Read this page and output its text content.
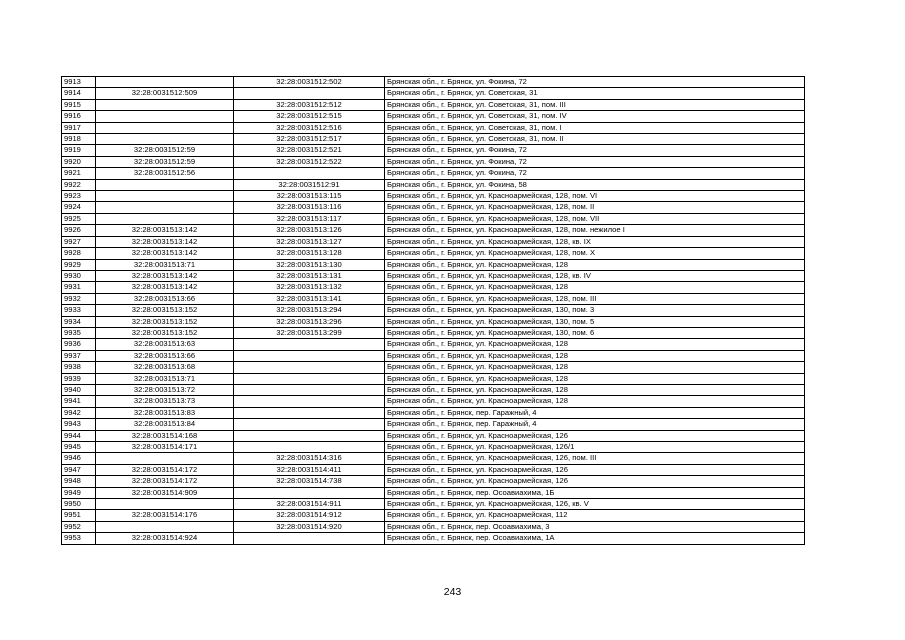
9913		32:28:0031512:502	Брянская обл., г. Брянск, ул. Фокина, 72
9914	32:28:0031512:509		Брянская обл., г. Брянск, ул. Советская, 31
9915		32:28:0031512:512	Брянская обл., г. Брянск, ул. Советская, 31, пом. III
9916		32:28:0031512:515	Брянская обл., г. Брянск, ул. Советская, 31, пом. IV
9917		32:28:0031512:516	Брянская обл., г. Брянск, ул. Советская, 31, пом. I
9918		32:28:0031512:517	Брянская обл., г. Брянск, ул. Советская, 31, пом. II
9919	32:28:0031512:59	32:28:0031512:521	Брянская обл., г. Брянск, ул. Фокина, 72
9920	32:28:0031512:59	32:28:0031512:522	Брянская обл., г. Брянск, ул. Фокина, 72
9921	32:28:0031512:56		Брянская обл., г. Брянск, ул. Фокина, 72
9922		32:28:0031512:91	Брянская обл., г. Брянск, ул. Фокина, 58
9923		32:28:0031513:115	Брянская обл., г. Брянск, ул. Красноармейская, 128, пом. VI
9924		32:28:0031513:116	Брянская обл., г. Брянск, ул. Красноармейская, 128, пом. II
9925		32:28:0031513:117	Брянская обл., г. Брянск, ул. Красноармейская, 128, пом. VII
9926	32:28:0031513:142	32:28:0031513:126	Брянская обл., г. Брянск, ул. Красноармейская, 128, пом. нежилое I
9927	32:28:0031513:142	32:28:0031513:127	Брянская обл., г. Брянск, ул. Красноармейская, 128, кв. IX
9928	32:28:0031513:142	32:28:0031513:128	Брянская обл., г. Брянск, ул. Красноармейская, 128, пом. X
9929	32:28:0031513:71	32:28:0031513:130	Брянская обл., г. Брянск, ул. Красноармейская, 128
9930	32:28:0031513:142	32:28:0031513:131	Брянская обл., г. Брянск, ул. Красноармейская, 128, кв. IV
9931	32:28:0031513:142	32:28:0031513:132	Брянская обл., г. Брянск, ул. Красноармейская, 128
9932	32:28:0031513:66	32:28:0031513:141	Брянская обл., г. Брянск, ул. Красноармейская, 128, пом. III
9933	32:28:0031513:152	32:28:0031513:294	Брянская обл., г. Брянск, ул. Красноармейская, 130, пом. 3
9934	32:28:0031513:152	32:28:0031513:296	Брянская обл., г. Брянск, ул. Красноармейская, 130, пом. 5
9935	32:28:0031513:152	32:28:0031513:299	Брянская обл., г. Брянск, ул. Красноармейская, 130, пом. 6
9936	32:28:0031513:63		Брянская обл., г. Брянск, ул. Красноармейская, 128
9937	32:28:0031513:66		Брянская обл., г. Брянск, ул. Красноармейская, 128
9938	32:28:0031513:68		Брянская обл., г. Брянск, ул. Красноармейская, 128
9939	32:28:0031513:71		Брянская обл., г. Брянск, ул. Красноармейская, 128
9940	32:28:0031513:72		Брянская обл., г. Брянск, ул. Красноармейская, 128
9941	32:28:0031513:73		Брянская обл., г. Брянск, ул. Красноармейская, 128
9942	32:28:0031513:83		Брянская обл., г. Брянск, пер. Гаражный, 4
9943	32:28:0031513:84		Брянская обл., г. Брянск, пер. Гаражный, 4
9944	32:28:0031514:168		Брянская обл., г. Брянск, ул. Красноармейская, 126
9945	32:28:0031514:171		Брянская обл., г. Брянск, ул. Красноармейская, 126/1
9946		32:28:0031514:316	Брянская обл., г. Брянск, ул. Красноармейская, 126, пом. III
9947	32:28:0031514:172	32:28:0031514:411	Брянская обл., г. Брянск, ул. Красноармейская, 126
9948	32:28:0031514:172	32:28:0031514:738	Брянская обл., г. Брянск, ул. Красноармейская, 126
9949	32:28:0031514:909		Брянская обл., г. Брянск, пер. Осоавиахима, 1Б
9950		32:28:0031514:911	Брянская обл., г. Брянск, ул. Красноармейская, 126, кв. V
9951	32:28:0031514:176	32:28:0031514:912	Брянская обл., г. Брянск, ул. Красноармейская, 112
9952		32:28:0031514:920	Брянская обл., г. Брянск, пер. Осоавиахима, 3
9953	32:28:0031514:924		Брянская обл., г. Брянск, пер. Осоавиахима, 1А
243
